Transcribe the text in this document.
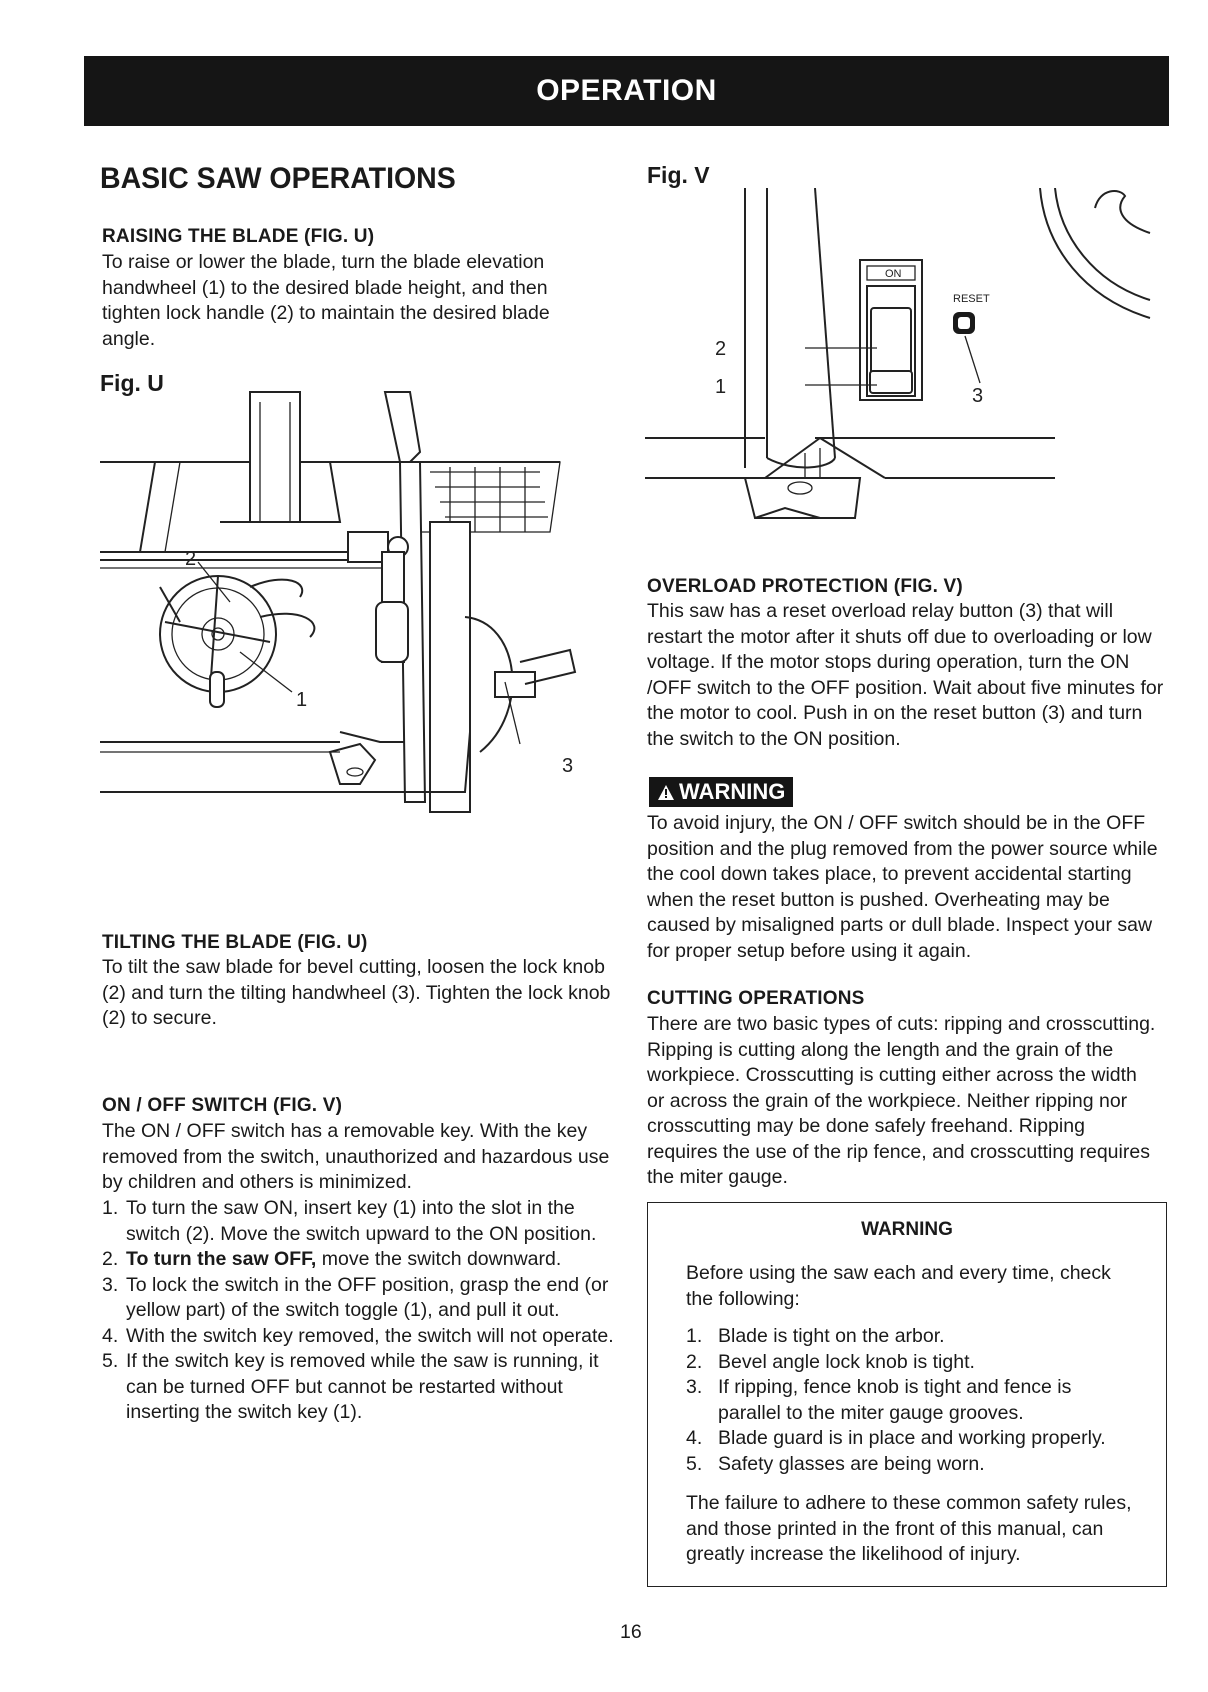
OPERATION
BASIC SAW OPERATIONS
RAISING THE BLADE (FIG. U)
To raise or lower the blade, turn the blade elevation handwheel (1) to the desired blade height, and then tighten lock handle (2) to maintain the desired blade angle.
Fig. U
2
1
3
TILTING THE BLADE (FIG. U)
To tilt the saw blade for bevel cutting, loosen the lock knob (2) and turn the tilting handwheel (3). Tighten the lock knob (2) to secure.
ON / OFF SWITCH (FIG. V)
The ON / OFF switch has a removable key. With the key removed from the switch, unauthorized and hazardous use by children and others is minimized.
1. To turn the saw ON, insert key (1) into the slot in the switch (2). Move the switch upward to the ON position.
2. To turn the saw OFF, move the switch downward.
3. To lock the switch in the OFF position, grasp the end (or yellow part) of the switch toggle (1), and pull it out.
4. With the switch key removed, the switch will not operate.
5. If the switch key is removed while the saw is running, it can be turned OFF but cannot be restarted without inserting the switch key (1).
Fig. V
ON
RESET
2
1	3
OVERLOAD PROTECTION (FIG. V)
This saw has a reset overload relay button (3) that will restart the motor after it shuts off due to overloading or low voltage. If the motor stops during operation, turn the ON /OFF switch to the OFF position. Wait about five minutes for the motor to cool. Push in on the reset button (3) and turn the switch to the ON position.
WARNING
To avoid injury, the ON / OFF switch should be in the OFF position and the plug removed from the power source while the cool down takes place, to prevent accidental starting when the reset button is pushed. Overheating may be caused by misaligned parts or dull blade. Inspect your saw for proper setup before using it again.
CUTTING OPERATIONS
There are two basic types of cuts: ripping and crosscutting. Ripping is cutting along the length and the grain of the workpiece. Crosscutting is cutting either across the width or across the grain of the workpiece. Neither ripping nor crosscutting may be done safely freehand. Ripping requires the use of the rip fence, and crosscutting requires the miter gauge.
WARNING
Before using the saw each and every time, check the following:
1. Blade is tight on the arbor.
2. Bevel angle lock knob is tight.
3. If ripping, fence knob is tight and fence is parallel to the miter gauge grooves.
4. Blade guard is in place and working properly.
5. Safety glasses are being worn.
The failure to adhere to these common safety rules, and those printed in the front of this manual, can greatly increase the likelihood of injury.
16
